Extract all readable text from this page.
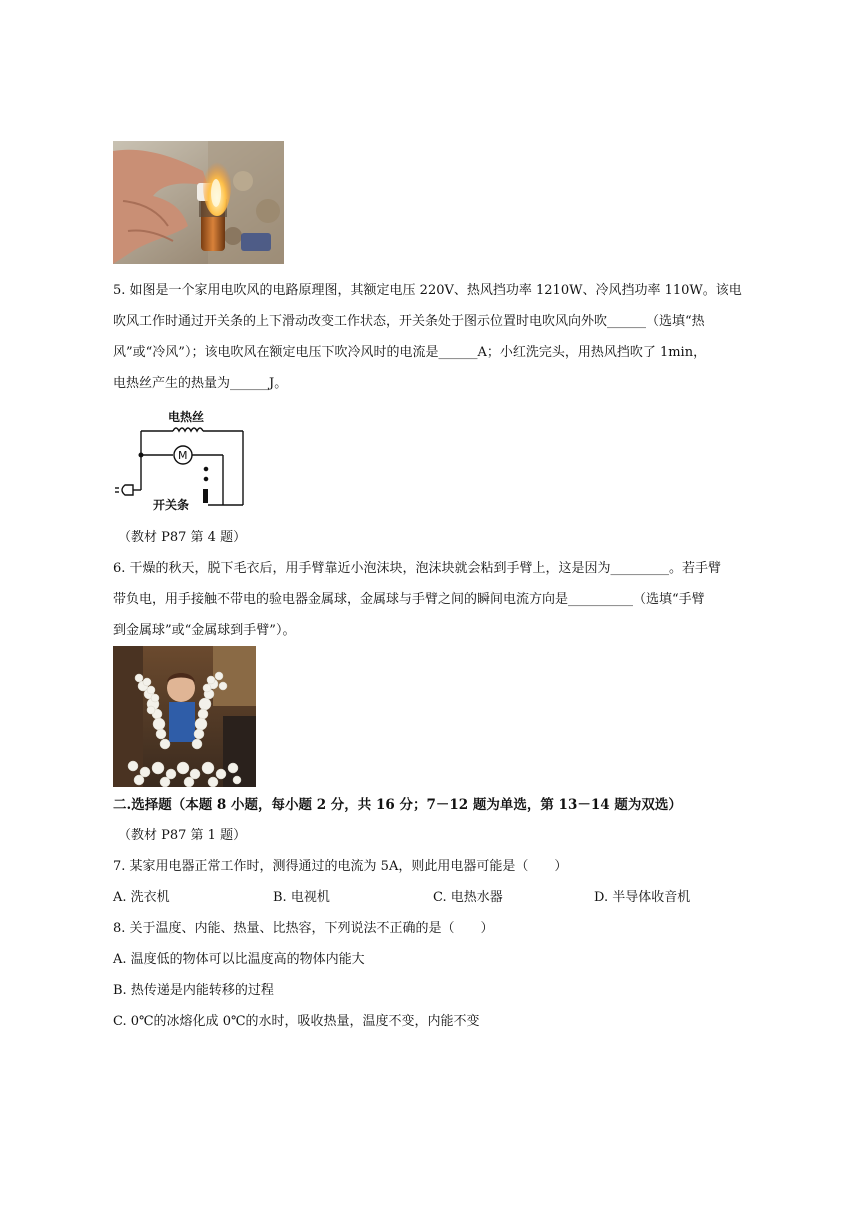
5. 如图是一个家用电吹风的电路原理图，其额定电压 220V、热风挡功率 1210W、冷风挡功率 110W。该电
吹风工作时通过开关条的上下滑动改变工作状态，开关条处于图示位置时电吹风向外吹______（选填“热
风”或“冷风”）；该电吹风在额定电压下吹冷风时的电流是______A；小红洗完头，用热风挡吹了 1min，
电热丝产生的热量为______J。
电热丝
M
开关条
（教材 P87 第 4 题）
6. 干燥的秋天，脱下毛衣后，用手臂靠近小泡沫块，泡沫块就会粘到手臂上，这是因为_________。若手臂
带负电，用手接触不带电的验电器金属球，金属球与手臂之间的瞬间电流方向是__________（选填“手臂
到金属球”或“金属球到手臂”）。
二.选择题（本题 8 小题，每小题 2 分，共 16 分；7－12 题为单选，第 13－14 题为双选）
（教材 P87 第 1 题）
7. 某家用电器正常工作时，测得通过的电流为 5A，则此用电器可能是（　　）
A. 洗衣机	B. 电视机	C. 电热水器	D. 半导体收音机
8. 关于温度、内能、热量、比热容，下列说法不正确的是（　　）
A. 温度低的物体可以比温度高的物体内能大
B. 热传递是内能转移的过程
C. 0℃的冰熔化成 0℃的水时，吸收热量，温度不变，内能不变
